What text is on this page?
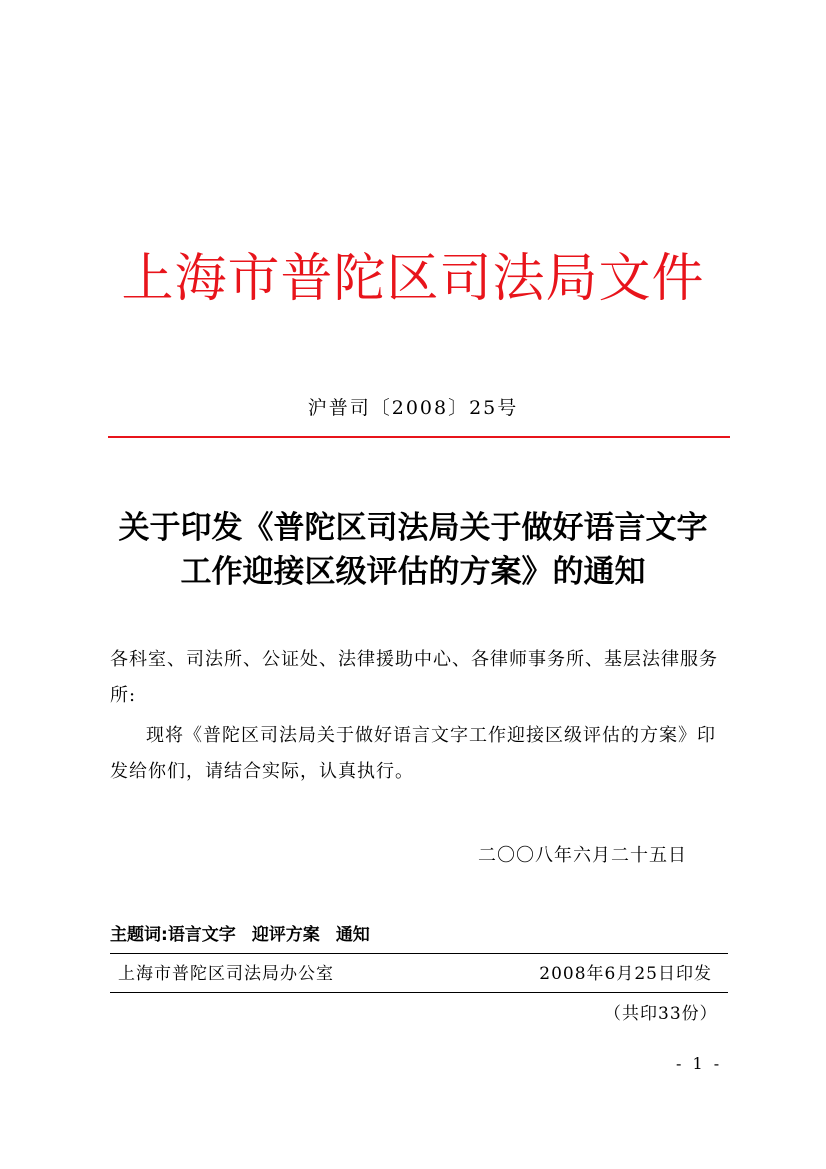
上海市普陀区司法局文件
沪普司〔2008〕25号
关于印发《普陀区司法局关于做好语言文字
工作迎接区级评估的方案》的通知
各科室、司法所、公证处、法律援助中心、各律师事务所、基层法律服务
所:
现将《普陀区司法局关于做好语言文字工作迎接区级评估的方案》印
发给你们，请结合实际，认真执行。
二〇〇八年六月二十五日
主题词:语言文字 迎评方案 通知
上海市普陀区司法局办公室	2008年6月25日印发
（共印33份）
- 1 -
